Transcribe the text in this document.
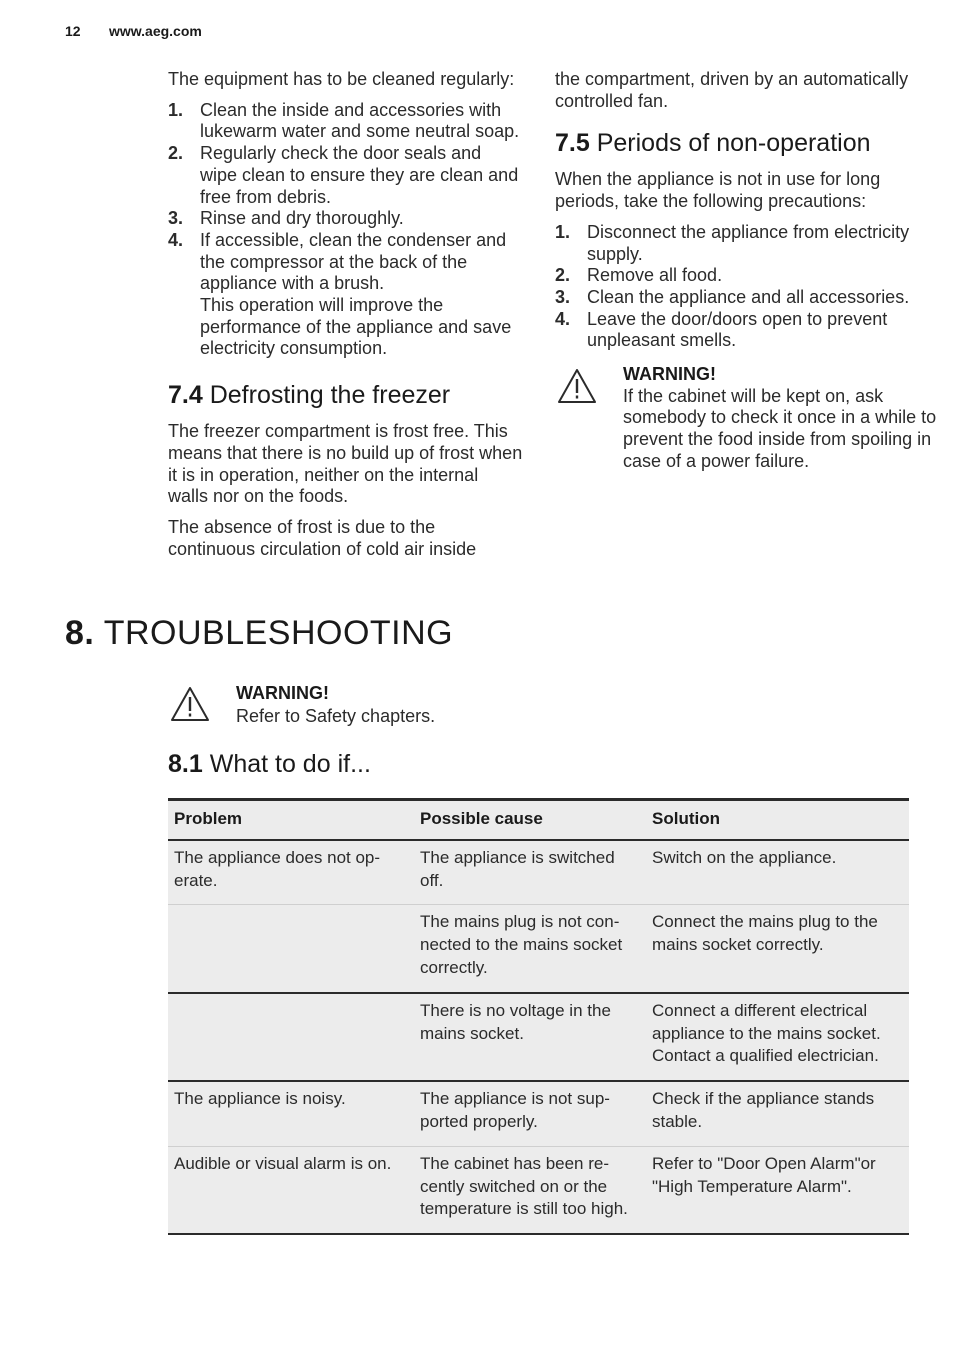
12 www.aeg.com

The equipment has to be cleaned regularly:

1. Clean the inside and accessories with lukewarm water and some neutral soap.
2. Regularly check the door seals and wipe clean to ensure they are clean and free from debris.
3. Rinse and dry thoroughly.
4. If accessible, clean the condenser and the compressor at the back of the appliance with a brush.
This operation will improve the performance of the appliance and save electricity consumption.
7.4 Defrosting the freezer

The freezer compartment is frost free. This means that there is no build up of frost when it is in operation, neither on the internal walls nor on the foods.

The absence of frost is due to the continuous circulation of cold air inside

the compartment, driven by an automatically controlled fan.

7.5 Periods of non-operation

When the appliance is not in use for long periods, take the following precautions:

1. Disconnect the appliance from electricity supply.
2. Remove all food.
3. Clean the appliance and all accessories.
4. Leave the door/doors open to prevent unpleasant smells.
WARNING!
If the cabinet will be kept on, ask somebody to check it once in a while to prevent the food inside from spoiling in case of a power failure.
8. TROUBLESHOOTING
WARNING!
Refer to Safety chapters.
8.1 What to do if...
Problem	Possible cause	Solution
The appliance does not op-erate.	The appliance is switched off.	Switch on the appliance.
	The mains plug is not con-nected to the mains socket correctly.	Connect the mains plug to the mains socket correctly.
	There is no voltage in the mains socket.	Connect a different electrical appliance to the mains socket. Contact a qualified electrician.
The appliance is noisy.	The appliance is not sup-ported properly.	Check if the appliance stands stable.
Audible or visual alarm is on.	The cabinet has been re-cently switched on or the temperature is still too high.	Refer to "Door Open Alarm"or "High Temperature Alarm".
